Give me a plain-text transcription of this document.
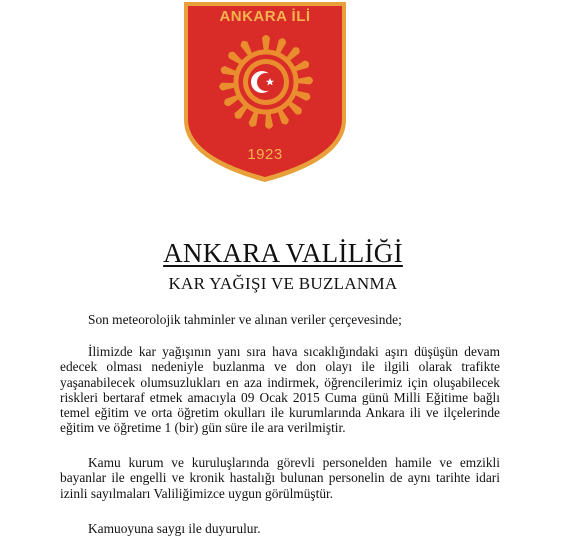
ANKARA İLİ
1923
ANKARA VALİLİĞİ
KAR YAĞIŞI VE BUZLANMA

Son meteorolojik tahminler ve alınan veriler çerçevesinde;

İlimizde kar yağışının yanı sıra hava sıcaklığındaki aşırı düşüşün devam edecek olması nedeniyle buzlanma ve don olayı ile ilgili olarak trafikte yaşanabilecek olumsuzlukları en aza indirmek, öğrencilerimiz için oluşabilecek riskleri bertaraf etmek amacıyla 09 Ocak 2015 Cuma günü Milli Eğitime bağlı temel eğitim ve orta öğretim okulları ile kurumlarında Ankara ili ve ilçelerinde eğitim ve öğretime 1 (bir) gün süre ile ara verilmiştir.

Kamu kurum ve kuruluşlarında görevli personelden hamile ve emzikli bayanlar ile engelli ve kronik hastalığı bulunan personelin de aynı tarihte idari izinli sayılmaları Valiliğimizce uygun görülmüştür.

Kamuoyuna saygı ile duyurulur.
